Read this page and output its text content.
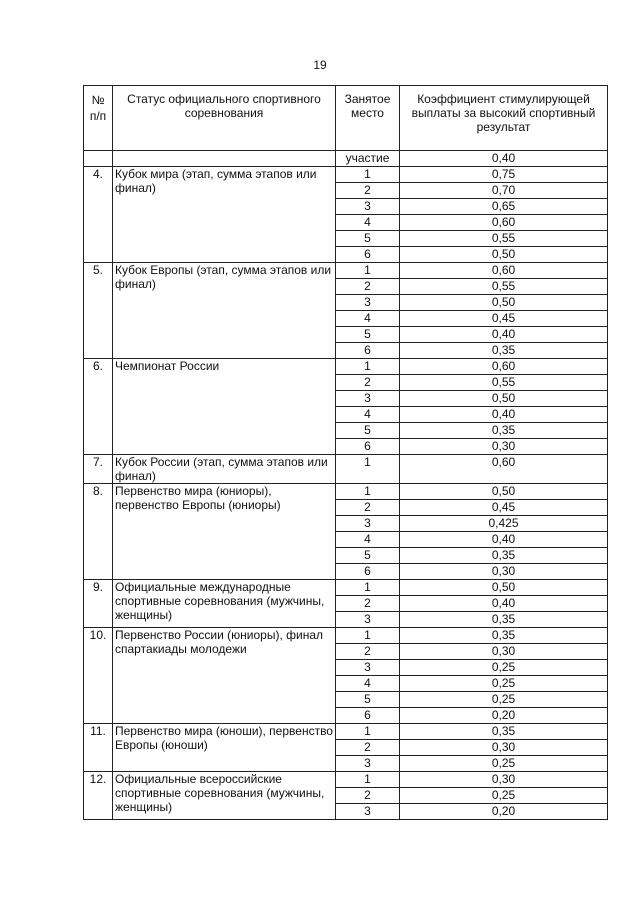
19
№ п/п	Статус официального спортивного соревнования	Занятое место	Коэффициент стимулирующей выплаты за высокий спортивный результат
		участие	0,40
4.	Кубок мира (этап, сумма этапов или финал)	1	0,75
		2	0,70
		3	0,65
		4	0,60
		5	0,55
		6	0,50
5.	Кубок Европы (этап, сумма этапов или финал)	1	0,60
		2	0,55
		3	0,50
		4	0,45
		5	0,40
		6	0,35
6.	Чемпионат России	1	0,60
		2	0,55
		3	0,50
		4	0,40
		5	0,35
		6	0,30
7.	Кубок России (этап, сумма этапов или финал)	1	0,60
8.	Первенство мира (юниоры), первенство Европы (юниоры)	1	0,50
		2	0,45
		3	0,425
		4	0,40
		5	0,35
		6	0,30
9.	Официальные международные спортивные соревнования (мужчины, женщины)	1	0,50
		2	0,40
		3	0,35
10.	Первенство России (юниоры), финал спартакиады молодежи	1	0,35
		2	0,30
		3	0,25
		4	0,25
		5	0,25
		6	0,20
11.	Первенство мира (юноши), первенство Европы (юноши)	1	0,35
		2	0,30
		3	0,25
12.	Официальные всероссийские спортивные соревнования (мужчины, женщины)	1	0,30
		2	0,25
		3	0,20
